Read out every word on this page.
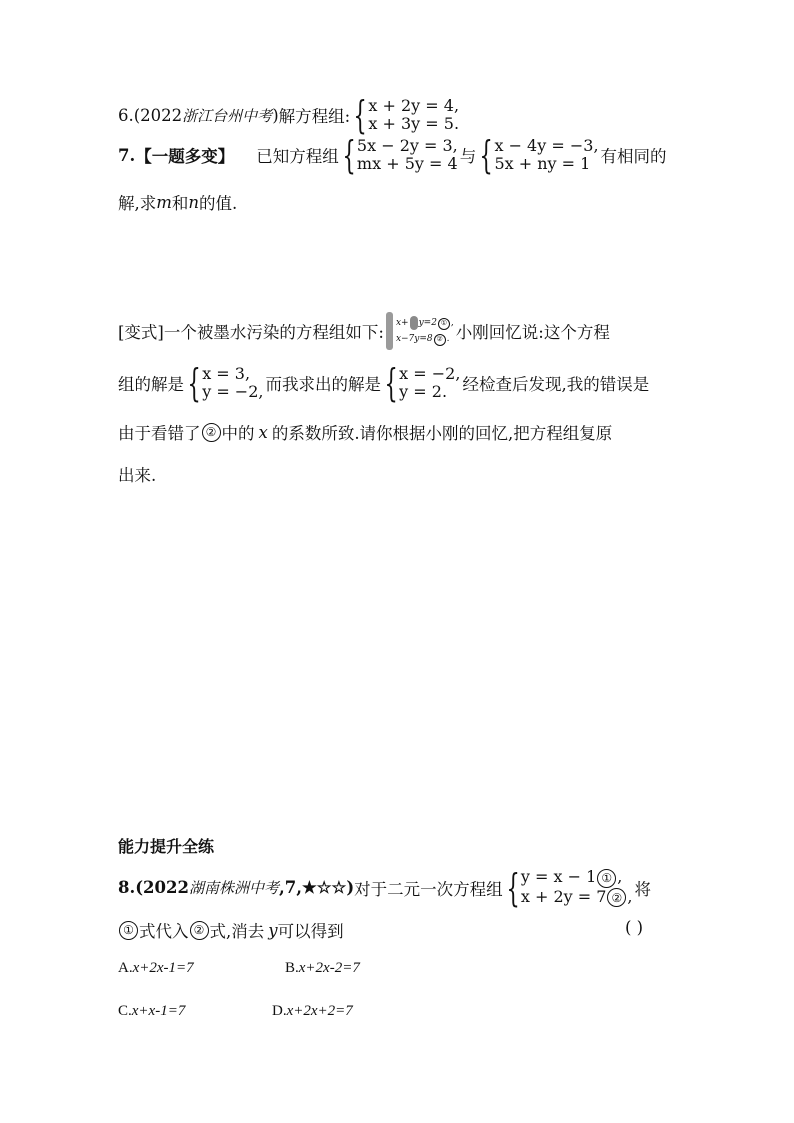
6.(2022 浙江台州中考 ) 解方程组: { x + 2y = 4,
x + 3y = 5.
7. 【一题多变】 已知方程组 { 5x − 2y = 3,
mx + 5y = 4 与 { x − 4y = −3,
5x + ny = 1 有相同的
解,求 m 和 n 的值.
[变式] 一个被墨水污染的方程组如下: x+ y=2 ① ,
x−7y=8 ② . 小刚回忆说:这个方程
组的解是 { x = 3,
y = −2, 而我求出的解是 { x = −2,
y = 2. 经检查后发现,我的错误是
由于看错了 ② 中的 x 的系数所致.请你根据小刚的回忆,把方程组复原
出来.
能力提升全练
8.(2022 湖南株洲中考 ,7,★☆☆ ) 对于二元一次方程组 { y = x − 1 ① ,
x + 2y = 7 ② , 将
① 式代入 ② 式,消去 y 可以得到	( )
A.x+2x-1=7	B.x+2x-2=7
C.x+x-1=7	D.x+2x+2=7
